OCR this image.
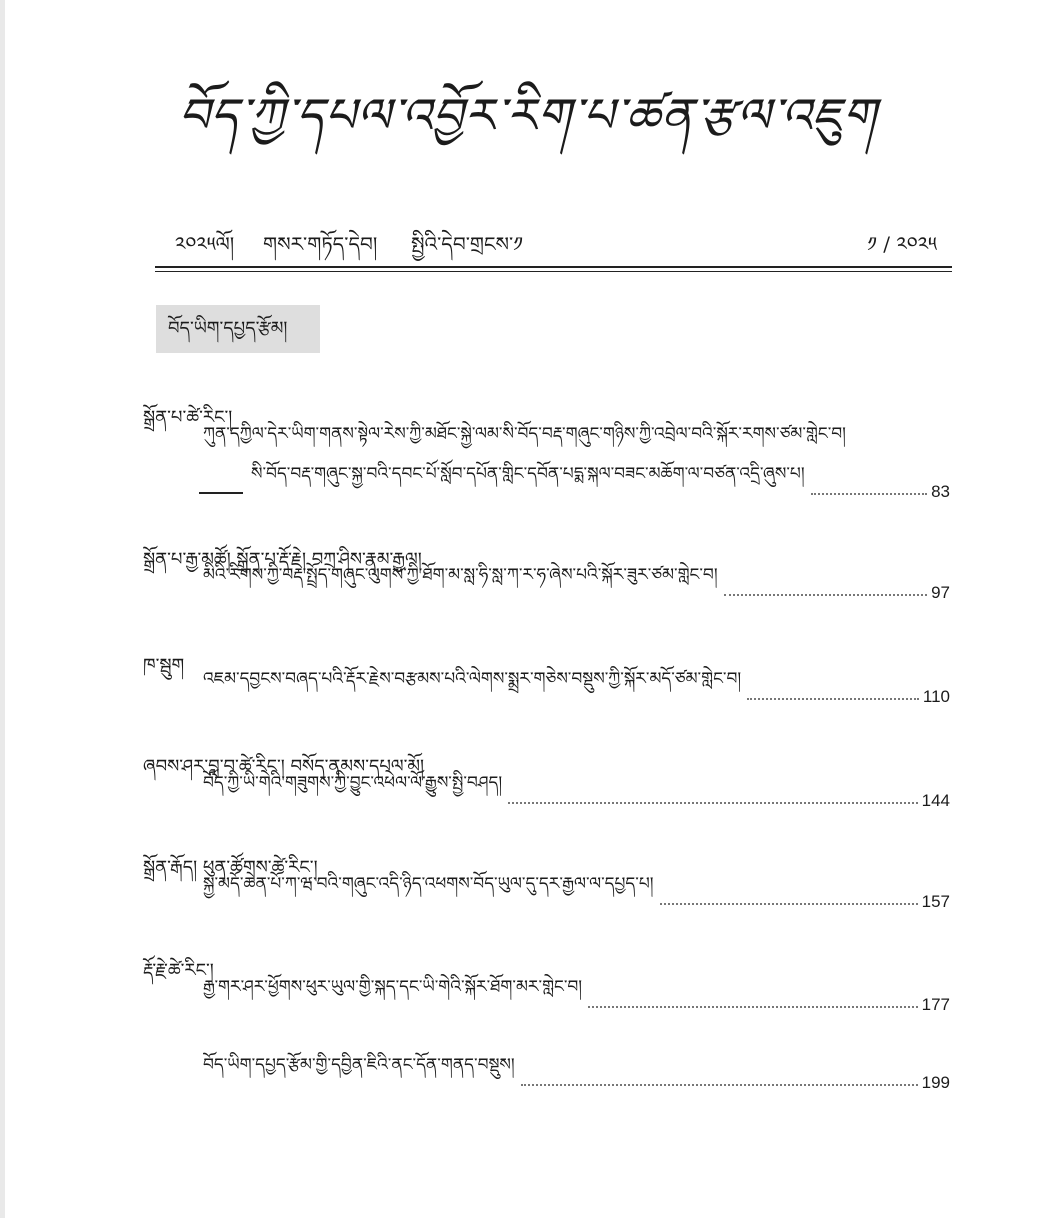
བོད་ཀྱི་དཔལ་འབྱོར་རིག་པ་ཚན་རྩལ་འཇུག
༢༠༢༥ལོ། གསར་གཏོད་དེབ། སྤྱིའི་དེབ་གྲངས་༡	༡ / ༢༠༢༥
བོད་ཡིག་དཔྱད་རྩོམ།
སྒྲོན་པ་ཚེ་རིང་།
ཀུན་དཀྱིལ་དེར་ཡིག་གནས་སྟེལ་རེས་ཀྱི་མཐོང་སྐྱེ་ལམ་སི་བོད་བརྡ་གཞུང་གཉིས་ཀྱི་འབྲེལ་བའི་སྐོར་རགས་ཙམ་གླེང་བ།
སི་བོད་བརྡ་གཞུང་སྐྱ་བའི་དབང་པོ་སློབ་དཔོན་གླིང་དབོན་པདྨ་སྐལ་བཟང་མཆོག་ལ་བཙན་འདྲི་ཞུས་པ།
83
སྒྲོན་པ་རྒྱ་མཚོ། སྒྲོན་པ་རྡོ་རྗེ། བཀྲ་ཤིས་རྣམ་རྒྱལ།
མིའི་རིགས་ཀྱི་བརྡ་སྤྲོད་གཞུང་ལུགས་ཀྱི་ཐོག་མ་སླ་ཧི་སླ་ཀ་ར་ཧ་ཞེས་པའི་སྐོར་ཟུར་ཙམ་གླེང་བ།
97
ཁ་སྦུག
འཇམ་དབྱངས་བཞད་པའི་རྡོར་རྗེས་བརྩམས་པའི་ལེགས་སྨྲར་གཅེས་བསྡུས་ཀྱི་སྐོར་མདོ་ཙམ་གླེང་བ།
110
ཞབས་ཤར་བླ་བ་ཚེ་རིང་། བསོད་ནམས་དཔལ་མོ།
བོད་ཀྱི་ཡི་གེའི་གཟུགས་ཀྱི་བྱུང་འཕེལ་ལོ་རྒྱུས་སྤྱི་བཤད།
144
སྒྲོན་རྒོད། ཕུན་ཚོགས་ཚེ་རིང་།
སྐྱ་མདོ་ཆེན་པོ་ཀ་ཝ་བའི་གཞུང་འདི་ཉིད་འཕགས་བོད་ཡུལ་དུ་དར་རྒྱལ་ལ་དཔྱད་པ།
157
རྡོ་རྗེ་ཚེ་རིང་།
རྒྱ་གར་ཤར་ཕྱོགས་ཕུར་ཡུལ་གྱི་སྐད་དང་ཡི་གེའི་སྐོར་ཐོག་མར་གླེང་བ།
177
བོད་ཡིག་དཔྱད་རྩོམ་གྱི་དབྱིན་ཇིའི་ནང་དོན་གནད་བསྡུས།
199
